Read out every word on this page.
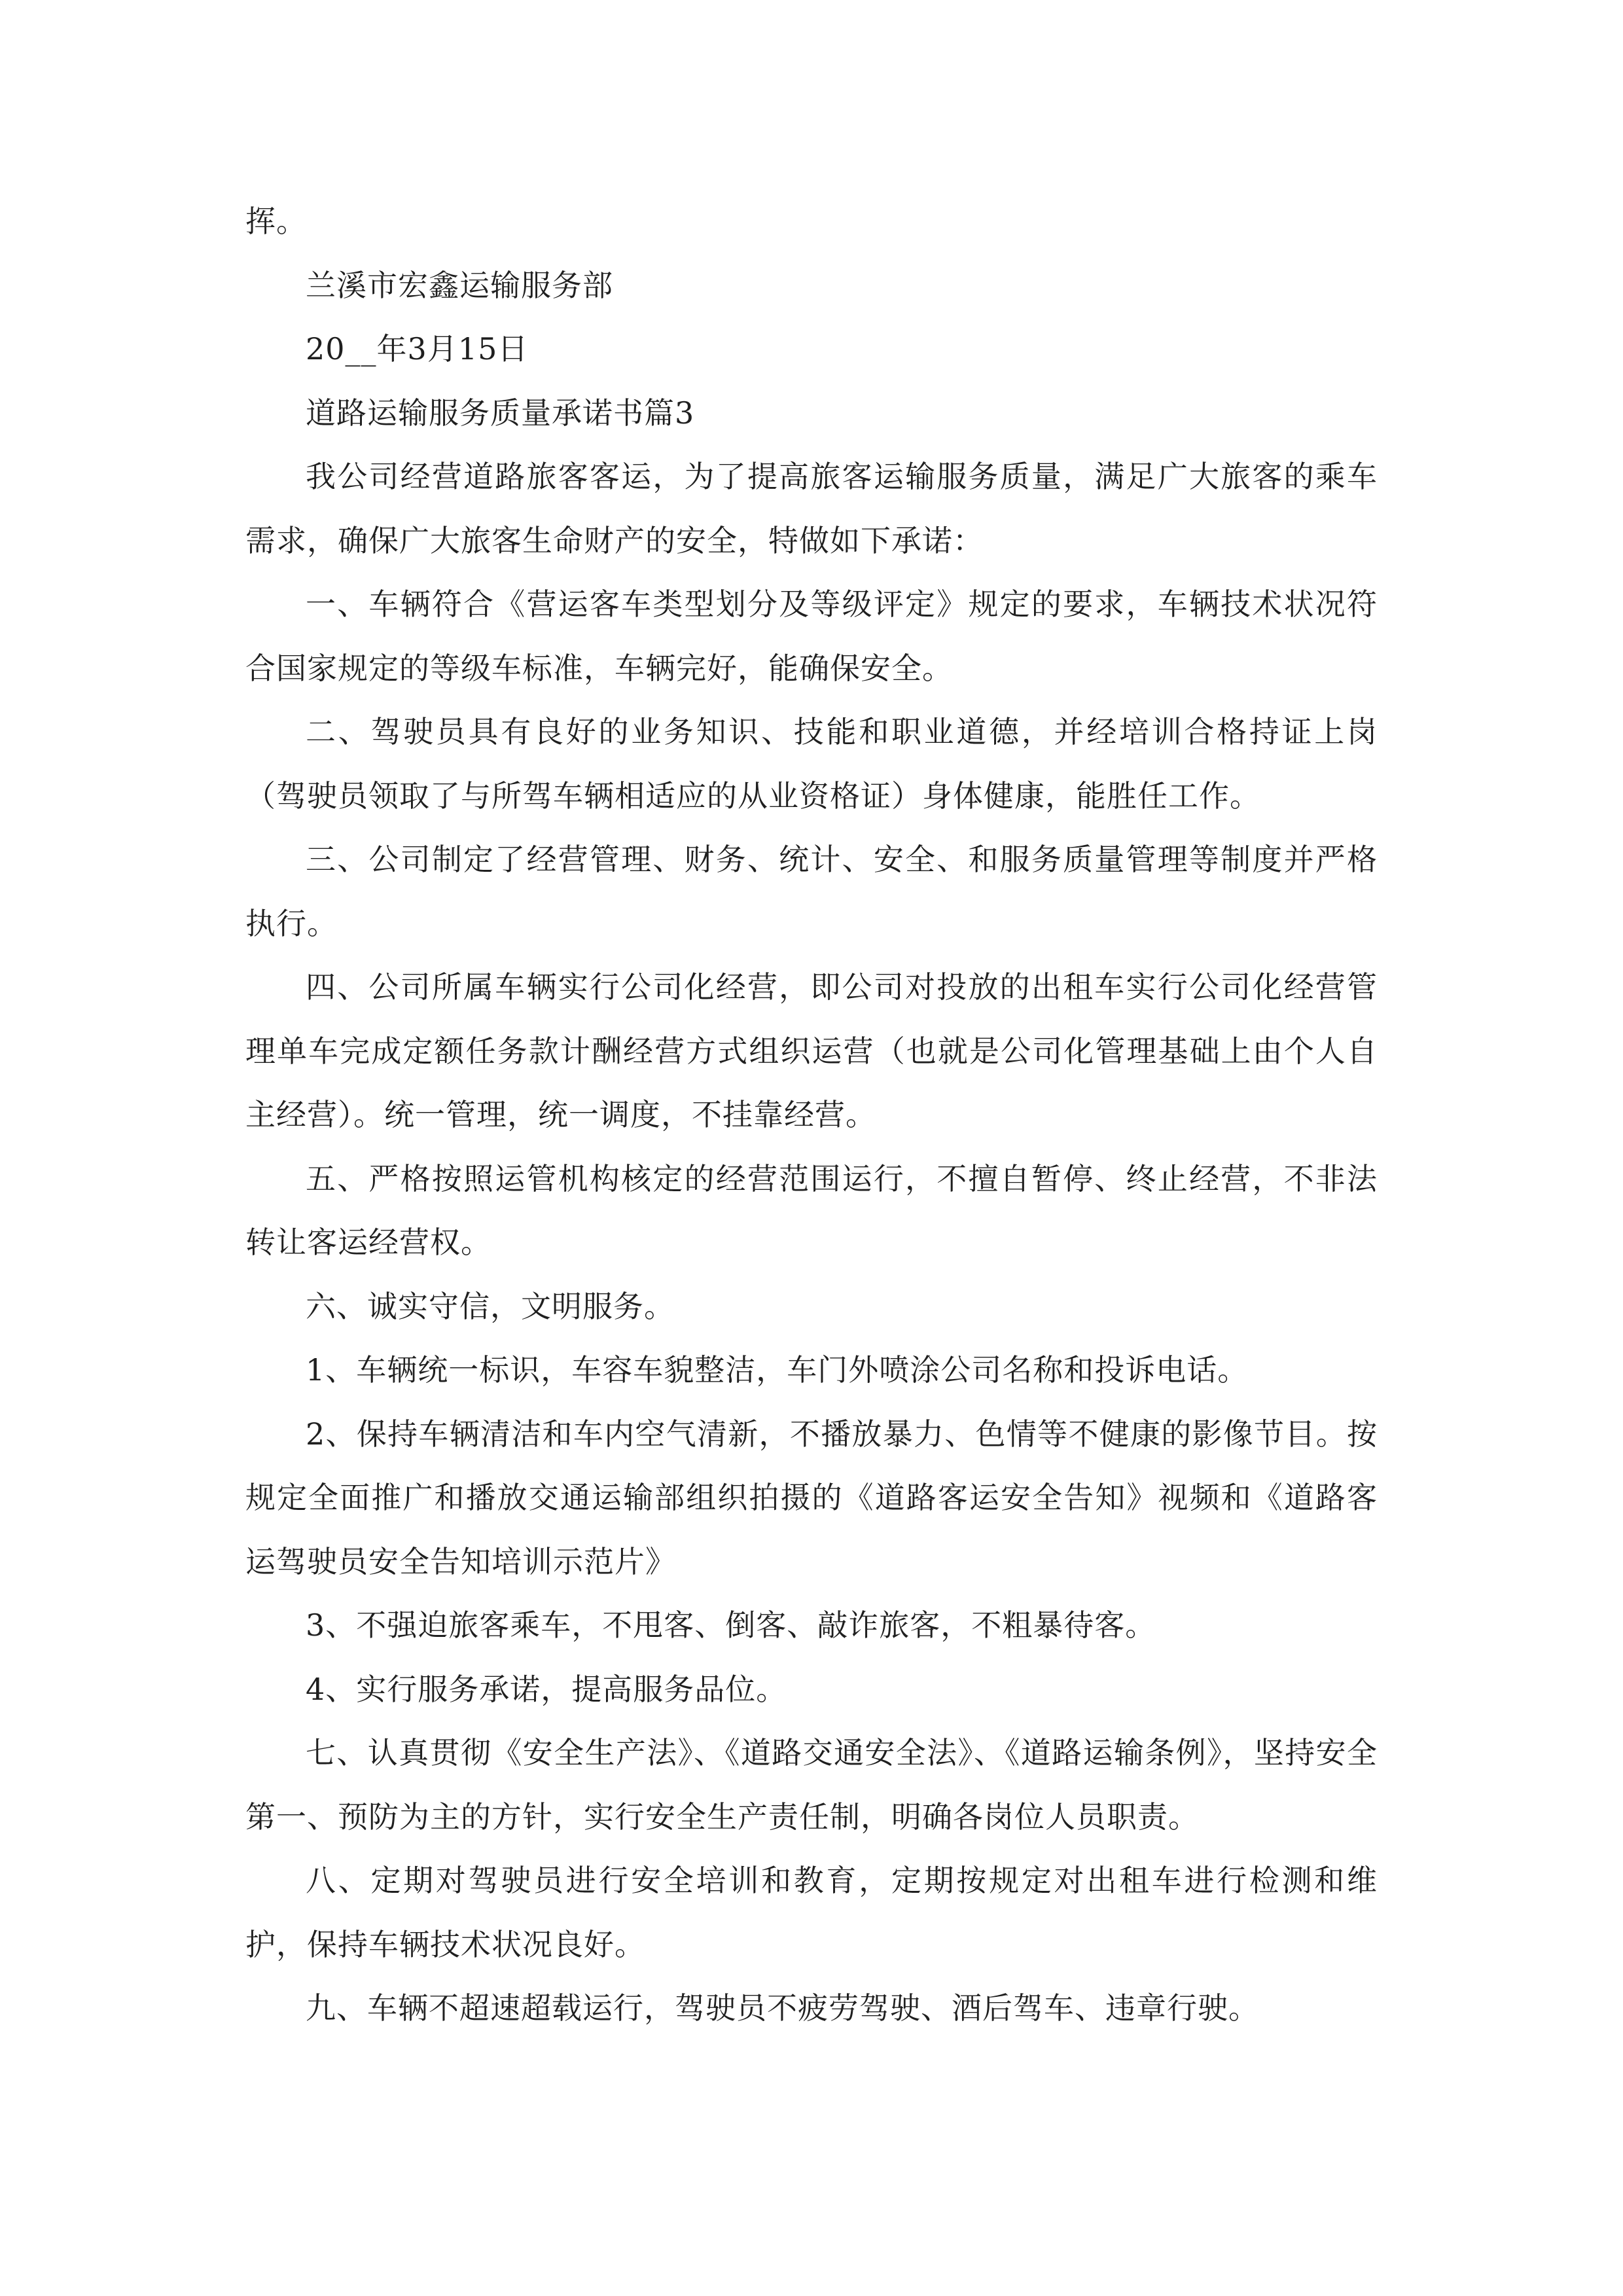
挥。

兰溪市宏鑫运输服务部

20__年3月15日

道路运输服务质量承诺书篇3

我公司经营道路旅客客运，为了提高旅客运输服务质量，满足广大旅客的乘车需求，确保广大旅客生命财产的安全，特做如下承诺：

一、车辆符合《营运客车类型划分及等级评定》规定的要求，车辆技术状况符合国家规定的等级车标准，车辆完好，能确保安全。

二、驾驶员具有良好的业务知识、技能和职业道德，并经培训合格持证上岗（驾驶员领取了与所驾车辆相适应的从业资格证）身体健康，能胜任工作。

三、公司制定了经营管理、财务、统计、安全、和服务质量管理等制度并严格执行。

四、公司所属车辆实行公司化经营，即公司对投放的出租车实行公司化经营管理单车完成定额任务款计酬经营方式组织运营（也就是公司化管理基础上由个人自主经营）。统一管理，统一调度，不挂靠经营。

五、严格按照运管机构核定的经营范围运行，不擅自暂停、终止经营，不非法转让客运经营权。

六、诚实守信，文明服务。

1、车辆统一标识，车容车貌整洁，车门外喷涂公司名称和投诉电话。

2、保持车辆清洁和车内空气清新，不播放暴力、色情等不健康的影像节目。按规定全面推广和播放交通运输部组织拍摄的《道路客运安全告知》视频和《道路客运驾驶员安全告知培训示范片》

3、不强迫旅客乘车，不甩客、倒客、敲诈旅客，不粗暴待客。

4、实行服务承诺，提高服务品位。

七、认真贯彻《安全生产法》、《道路交通安全法》、《道路运输条例》，坚持安全第一、预防为主的方针，实行安全生产责任制，明确各岗位人员职责。

八、定期对驾驶员进行安全培训和教育，定期按规定对出租车进行检测和维护，保持车辆技术状况良好。

九、车辆不超速超载运行，驾驶员不疲劳驾驶、酒后驾车、违章行驶。
